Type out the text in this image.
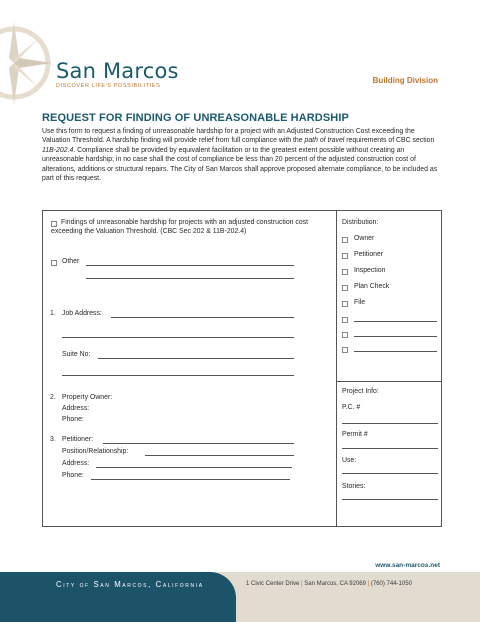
San Marcos
DISCOVER LIFE'S POSSIBILITIES
Building Division
REQUEST FOR FINDING OF UNREASONABLE HARDSHIP
Use this form to request a finding of unreasonable hardship for a project with an Adjusted Construction Cost exceeding the Valuation Threshold. A hardship finding will provide relief from full compliance with the path of travel requirements of CBC section 11B-202.4. Compliance shall be provided by equivalent facilitation or to the greatest extent possible without creating an unreasonable hardship; in no case shall the cost of compliance be less than 20 percent of the adjusted construction cost of alterations, additions or structural repairs. The City of San Marcos shall approve proposed alternate compliance, to be included as part of this request.
Findings of unreasonable hardship for projects with an adjusted construction cost exceeding the Valuation Threshold. (CBC Sec 202 & 11B-202.4)
Other
1. Job Address:
Suite No:
2. Property Owner:
Address:
Phone:
3. Petitioner:
Position/Relationship:
Address:
Phone:
Distribution:
Owner
Petitioner
Inspection
Plan Check
File
Project Info:
P.C. #
Permit #
Use:
Stories:
www.san-marcos.net
City of San Marcos, California	1 Civic Center Drive | San Marcos, CA 92069 | (760) 744-1050
